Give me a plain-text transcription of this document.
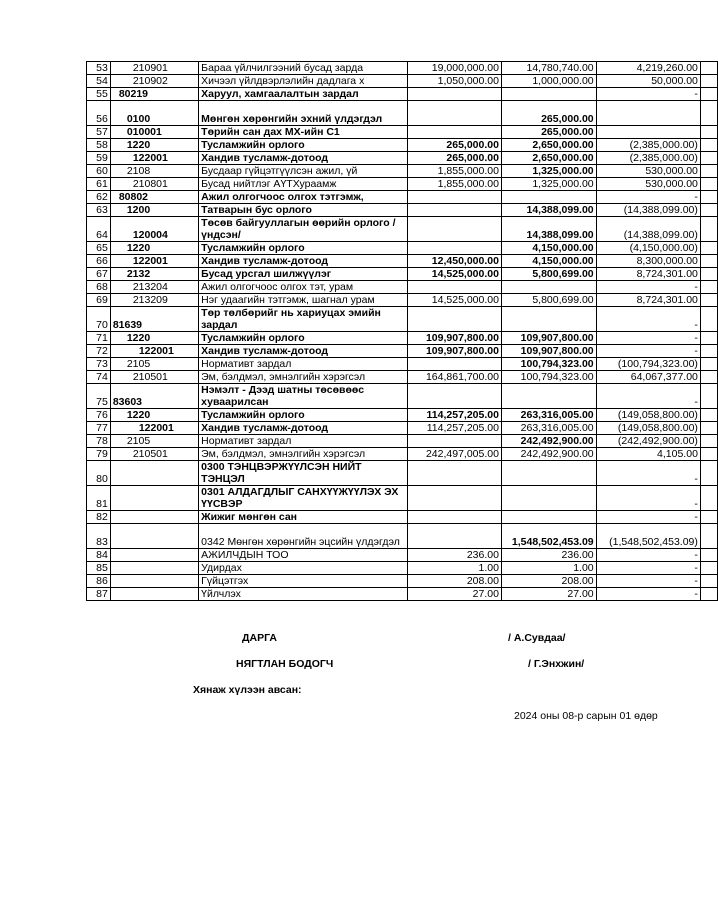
53	210901	Бараа үйлчилгээний бусад зарда	19,000,000.00	14,780,740.00	4,219,260.00	
54	210902	Хичээл үйлдвэрлэлийн дадлага х	1,050,000.00	1,000,000.00	50,000.00	
55	80219	Харуул, хамгаалалтын зардал			-	
56	0100	Мөнгөн хөрөнгийн эхний үлдэгдэл		265,000.00		
57	010001	Төрийн сан дах МХ-ийн С1		265,000.00		
58	1220	Тусламжийн орлого	265,000.00	2,650,000.00	(2,385,000.00)	
59	122001	Хандив тусламж-дотоод	265,000.00	2,650,000.00	(2,385,000.00)	
60	2108	Бусдаар гүйцэтгүүлсэн ажил, үй	1,855,000.00	1,325,000.00	530,000.00	
61	210801	Бусад нийтлэг АҮТХураамж	1,855,000.00	1,325,000.00	530,000.00	
62	80802	Ажил олгогчоос олгох тэтгэмж,			-	
63	1200	Татварын бус орлого		14,388,099.00	(14,388,099.00)	
64	120004	Төсөв байгууллагын өөрийн орлого /үндсэн/		14,388,099.00	(14,388,099.00)	
65	1220	Тусламжийн орлого		4,150,000.00	(4,150,000.00)	
66	122001	Хандив тусламж-дотоод	12,450,000.00	4,150,000.00	8,300,000.00	
67	2132	Бусад урсгал шилжүүлэг	14,525,000.00	5,800,699.00	8,724,301.00	
68	213204	Ажил олгогчоос олгох тэт, урам			-	
69	213209	Нэг удаагийн тэтгэмж, шагнал урам	14,525,000.00	5,800,699.00	8,724,301.00	
70	81639	Төр төлбөрийг нь хариуцах эмийн зардал			-	
71	1220	Тусламжийн орлого	109,907,800.00	109,907,800.00	-	
72	122001	Хандив тусламж-дотоод	109,907,800.00	109,907,800.00	-	
73	2105	Нормативт зардал		100,794,323.00	(100,794,323.00)	
74	210501	Эм, бэлдмэл, эмнэлгийн хэрэгсэл	164,861,700.00	100,794,323.00	64,067,377.00	
75	83603	Нэмэлт - Дээд шатны төсөвөөс хуваарилсан			-	
76	1220	Тусламжийн орлого	114,257,205.00	263,316,005.00	(149,058,800.00)	
77	122001	Хандив тусламж-дотоод	114,257,205.00	263,316,005.00	(149,058,800.00)	
78	2105	Нормативт зардал		242,492,900.00	(242,492,900.00)	
79	210501	Эм, бэлдмэл, эмнэлгийн хэрэгсэл	242,497,005.00	242,492,900.00	4,105.00	
80		0300 ТЭНЦВЭРЖҮҮЛСЭН НИЙТ ТЭНЦЭЛ			-	
81		0301 АЛДАГДЛЫГ САНХҮҮЖҮҮЛЭХ ЭХ ҮҮСВЭР			-	
82		Жижиг мөнгөн сан			-	
83		0342 Мөнгөн хөрөнгийн эцсийн үлдэгдэл		1,548,502,453.09	(1,548,502,453.09)	
84		АЖИЛЧДЫН ТОО	236.00	236.00	-	
85		Удирдах	1.00	1.00	-	
86		Гүйцэтгэх	208.00	208.00	-	
87		Үйлчлэх	27.00	27.00	-	
ДАРГА	/ А.Сувдаа/
НЯГТЛАН БОДОГЧ	/ Г.Энхжин/
Хянаж хүлээн авсан:
2024 оны 08-р сарын 01 өдөр
